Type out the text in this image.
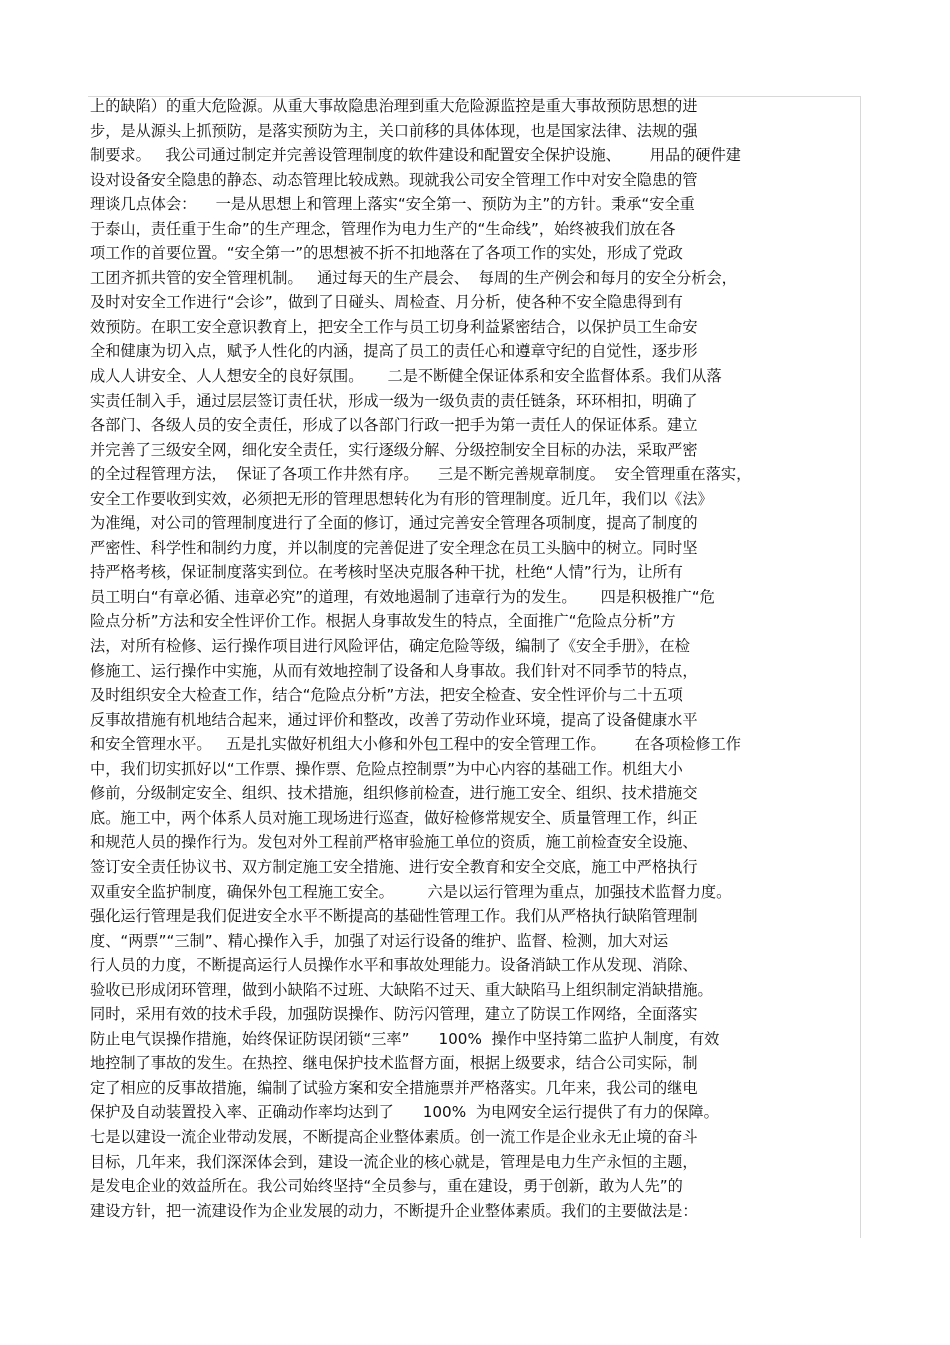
上的缺陷）的重大危险源。从重大事故隐患治理到重大危险源监控是重大事故预防思想的进
步，是从源头上抓预防，是落实预防为主，关口前移的具体体现，也是国家法律、法规的强
制要求。   我公司通过制定并完善设管理制度的软件建设和配置安全保护设施、      用品的硬件建
设对设备安全隐患的静态、动态管理比较成熟。现就我公司安全管理工作中对安全隐患的管
理谈几点体会：    一是从思想上和管理上落实“安全第一、预防为主”的方针。秉承“安全重
于泰山，责任重于生命”的生产理念，管理作为电力生产的“生命线”，始终被我们放在各
项工作的首要位置。“安全第一”的思想被不折不扣地落在了各项工作的实处，形成了党政
工团齐抓共管的安全管理机制。   通过每天的生产晨会、  每周的生产例会和每月的安全分析会，
及时对安全工作进行“会诊”，做到了日碰头、周检查、月分析，使各种不安全隐患得到有
效预防。在职工安全意识教育上，把安全工作与员工切身利益紧密结合，以保护员工生命安
全和健康为切入点，赋予人性化的内涵，提高了员工的责任心和遵章守纪的自觉性，逐步形
成人人讲安全、人人想安全的良好氛围。     二是不断健全保证体系和安全监督体系。我们从落
实责任制入手，通过层层签订责任状，形成一级为一级负责的责任链条，环环相扣，明确了
各部门、各级人员的安全责任，形成了以各部门行政一把手为第一责任人的保证体系。建立
并完善了三级安全网，细化安全责任，实行逐级分解、分级控制安全目标的办法，采取严密
的全过程管理方法，  保证了各项工作井然有序。    三是不断完善规章制度。  安全管理重在落实，
安全工作要收到实效，必须把无形的管理思想转化为有形的管理制度。近几年，我们以《法》
为准绳，对公司的管理制度进行了全面的修订，通过完善安全管理各项制度，提高了制度的
严密性、科学性和制约力度，并以制度的完善促进了安全理念在员工头脑中的树立。同时坚
持严格考核，保证制度落实到位。在考核时坚决克服各种干扰，杜绝“人情”行为，让所有
员工明白“有章必循、违章必究”的道理，有效地遏制了违章行为的发生。     四是积极推广“危
险点分析”方法和安全性评价工作。根据人身事故发生的特点，全面推广“危险点分析”方
法，对所有检修、运行操作项目进行风险评估，确定危险等级，编制了《安全手册》，在检
修施工、运行操作中实施，从而有效地控制了设备和人身事故。我们针对不同季节的特点，
及时组织安全大检查工作，结合“危险点分析”方法，把安全检查、安全性评价与二十五项
反事故措施有机地结合起来，通过评价和整改，改善了劳动作业环境，提高了设备健康水平
和安全管理水平。   五是扎实做好机组大小修和外包工程中的安全管理工作。      在各项检修工作
中，我们切实抓好以“工作票、操作票、危险点控制票”为中心内容的基础工作。机组大小
修前，分级制定安全、组织、技术措施，组织修前检查，进行施工安全、组织、技术措施交
底。施工中，两个体系人员对施工现场进行巡查，做好检修常规安全、质量管理工作，纠正
和规范人员的操作行为。发包对外工程前严格审验施工单位的资质，施工前检查安全设施、
签订安全责任协议书、双方制定施工安全措施、进行安全教育和安全交底，施工中严格执行
双重安全监护制度，确保外包工程施工安全。       六是以运行管理为重点，加强技术监督力度。
强化运行管理是我们促进安全水平不断提高的基础性管理工作。我们从严格执行缺陷管理制
度、“两票”“三制”、精心操作入手，加强了对运行设备的维护、监督、检测，加大对运
行人员的力度，不断提高运行人员操作水平和事故处理能力。设备消缺工作从发现、消除、
验收已形成闭环管理，做到小缺陷不过班、大缺陷不过天、重大缺陷马上组织制定消缺措施。
同时，采用有效的技术手段，加强防误操作、防污闪管理，建立了防误工作网络，全面落实
防止电气误操作措施，始终保证防误闭锁“三率”      100%  操作中坚持第二监护人制度，有效
地控制了事故的发生。在热控、继电保护技术监督方面，根据上级要求，结合公司实际，制
定了相应的反事故措施，编制了试验方案和安全措施票并严格落实。几年来，我公司的继电
保护及自动装置投入率、正确动作率均达到了      100%  为电网安全运行提供了有力的保障。
七是以建设一流企业带动发展，不断提高企业整体素质。创一流工作是企业永无止境的奋斗
目标，几年来，我们深深体会到，建设一流企业的核心就是，管理是电力生产永恒的主题，
是发电企业的效益所在。我公司始终坚持“全员参与，重在建设，勇于创新，敢为人先”的
建设方针，把一流建设作为企业发展的动力，不断提升企业整体素质。我们的主要做法是：
